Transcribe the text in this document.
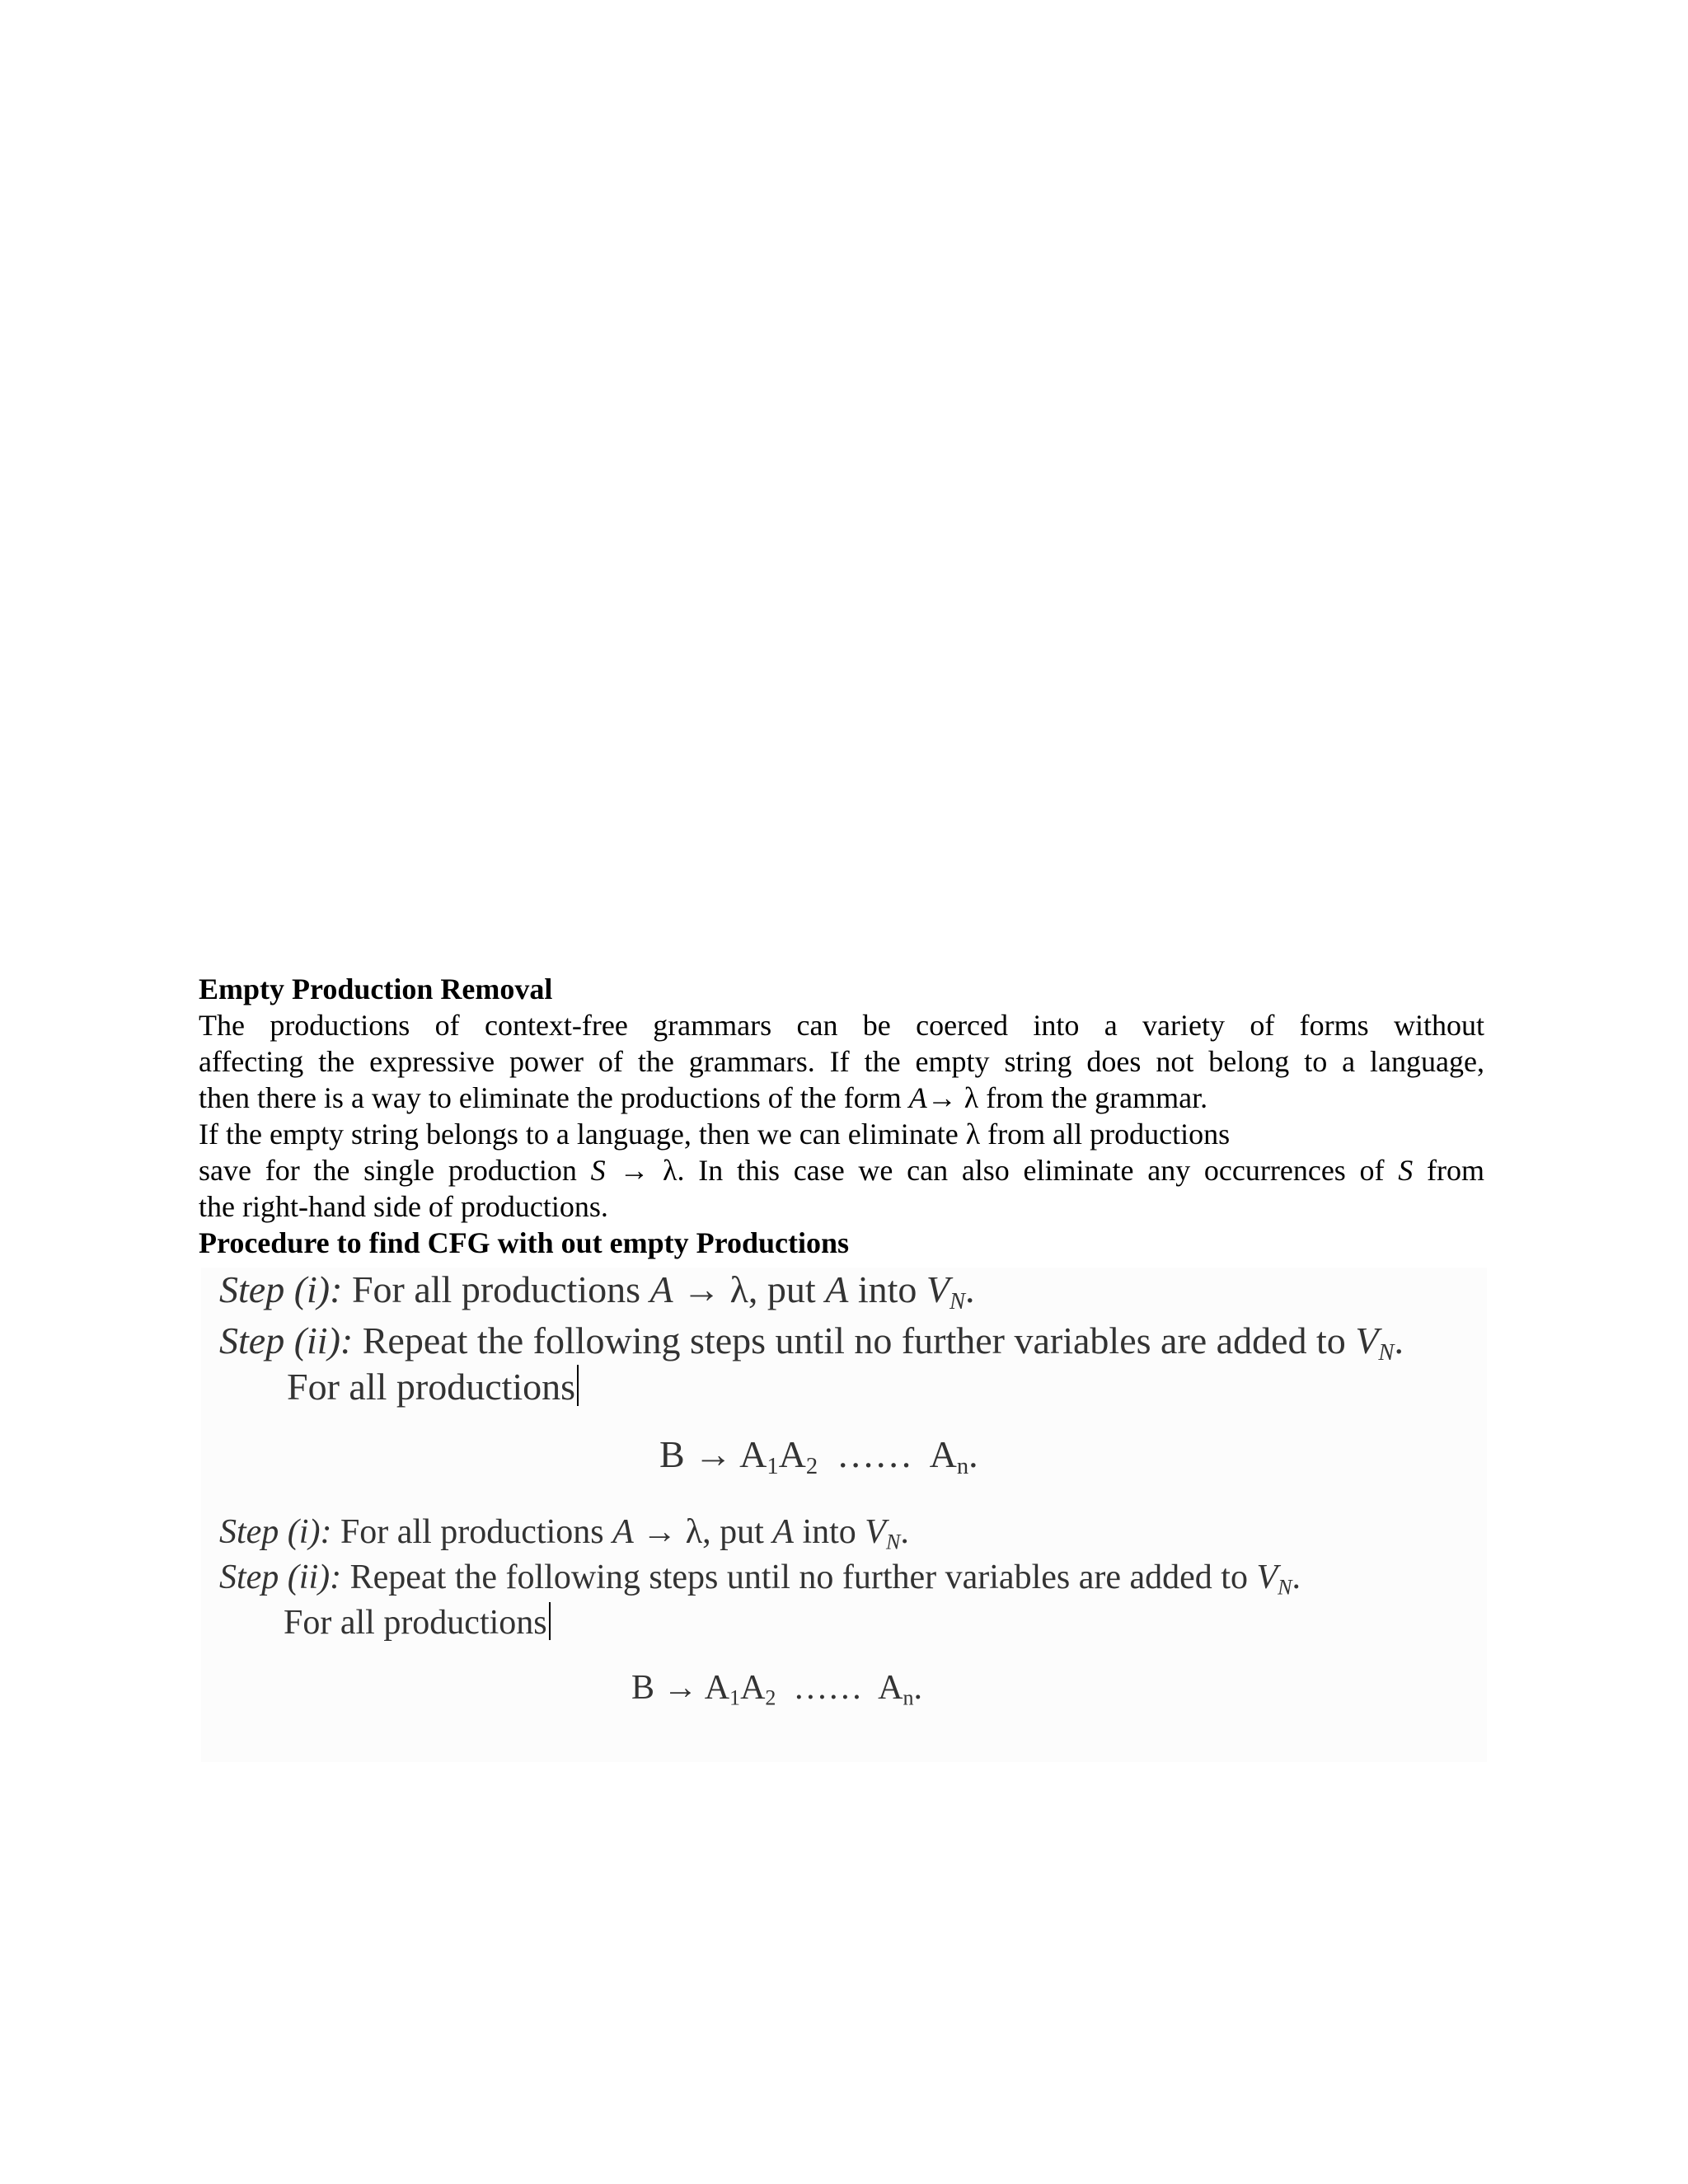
Empty Production Removal

The productions of context-free grammars can be coerced into a variety of forms without

affecting the expressive power of the grammars. If the empty string does not belong to a language,

then there is a way to eliminate the productions of the form A→ λ from the grammar.

If the empty string belongs to a language, then we can eliminate λ from all productions

save for the single production S → λ. In this case we can also eliminate any occurrences of S from

the right-hand side of productions.

Procedure to find CFG with out empty Productions

Step (i): For all productions A → λ, put A into $V_N$.
Step (ii): Repeat the following steps until no further variables are added to $V_N$.
For all productions
$B \to A_1A_2$  ……  $A_n$.
Step (i): For all productions A → λ, put A into $V_N$.
Step (ii): Repeat the following steps until no further variables are added to $V_N$.
For all productions
$B \to A_1A_2$  ……  $A_n$.
